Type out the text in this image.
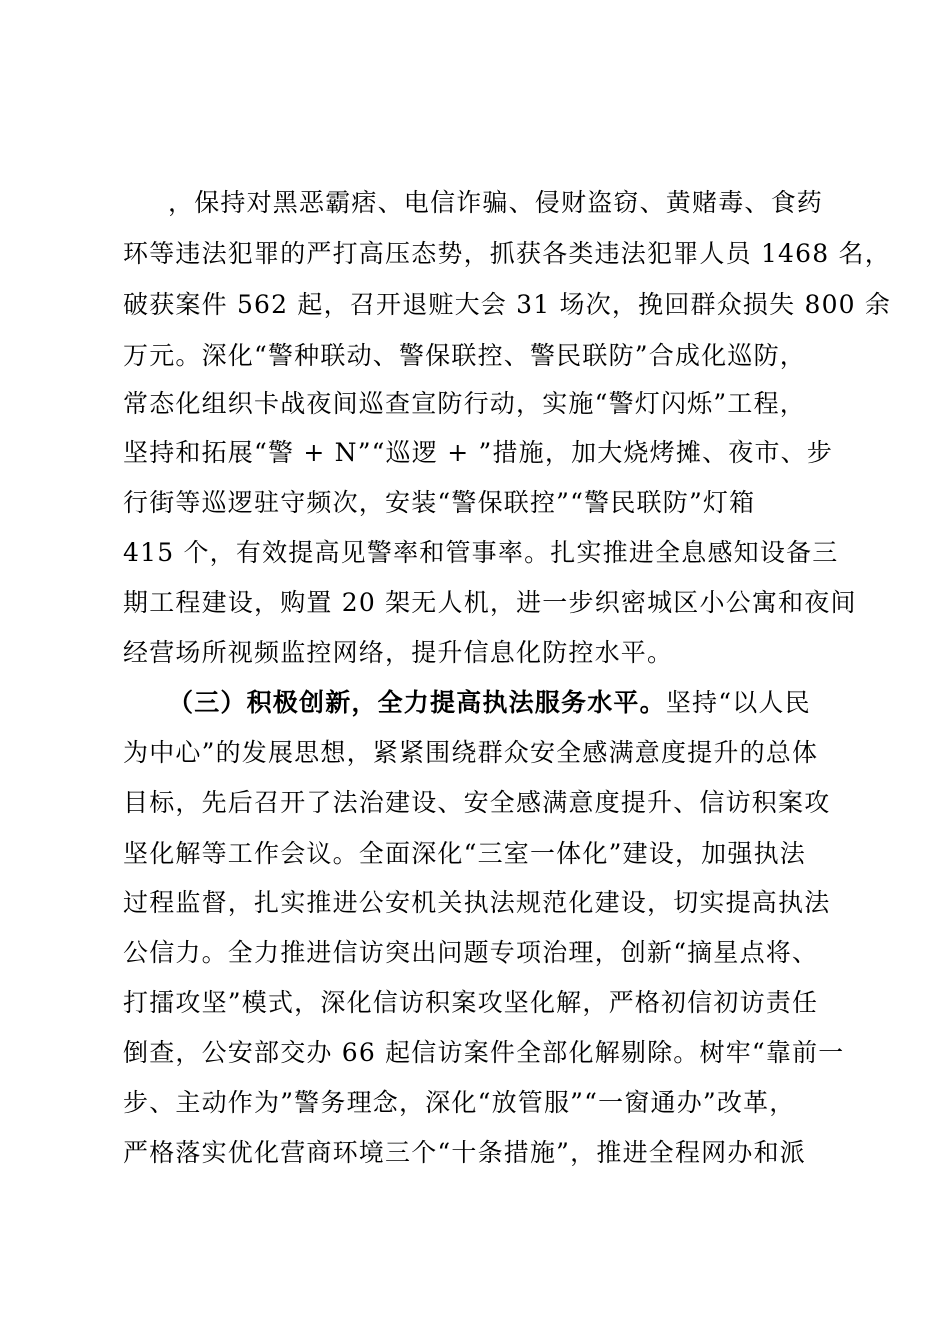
，保持对黑恶霸痞、电信诈骗、侵财盗窃、黄赌毒、食药
环等违法犯罪的严打高压态势，抓获各类违法犯罪人员 1468 名，
破获案件 562 起，召开退赃大会 31 场次，挽回群众损失 800 余
万元。深化“警种联动、警保联控、警民联防”合成化巡防，
常态化组织卡战夜间巡查宣防行动，实施“警灯闪烁”工程，
坚持和拓展“警 + N”“巡逻 + ”措施，加大烧烤摊、夜市、步
行街等巡逻驻守频次，安装“警保联控”“警民联防”灯箱
415 个，有效提高见警率和管事率。扎实推进全息感知设备三
期工程建设，购置 20 架无人机，进一步织密城区小公寓和夜间
经营场所视频监控网络，提升信息化防控水平。
（三）积极创新，全力提高执法服务水平。坚持“以人民
为中心”的发展思想，紧紧围绕群众安全感满意度提升的总体
目标，先后召开了法治建设、安全感满意度提升、信访积案攻
坚化解等工作会议。全面深化“三室一体化”建设，加强执法
过程监督，扎实推进公安机关执法规范化建设，切实提高执法
公信力。全力推进信访突出问题专项治理，创新“摘星点将、
打擂攻坚”模式，深化信访积案攻坚化解，严格初信初访责任
倒查，公安部交办 66 起信访案件全部化解剔除。树牢“靠前一
步、主动作为”警务理念，深化“放管服”“一窗通办”改革，
严格落实优化营商环境三个“十条措施”，推进全程网办和派
